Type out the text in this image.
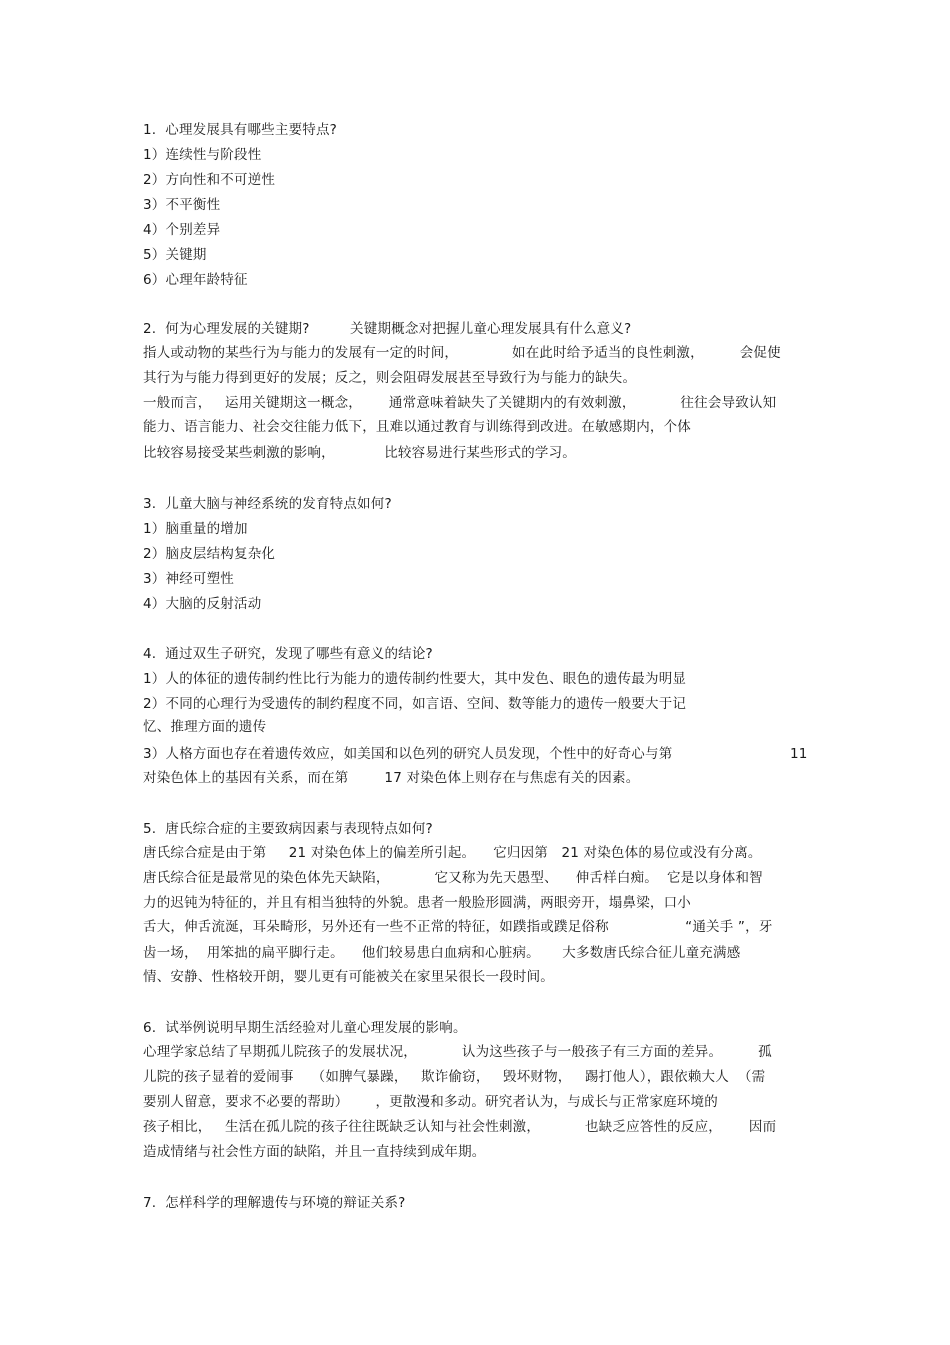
1.  心理发展具有哪些主要特点?
1）连续性与阶段性
2）方向性和不可逆性
3）不平衡性
4）个别差异
5）关键期
6）心理年龄特征
2.  何为心理发展的关键期?         关键期概念对把握儿童心理发展具有什么意义?
指人或动物的某些行为与能力的发展有一定的时间，            如在此时给予适当的良性刺激，        会促使
其行为与能力得到更好的发展；反之，则会阻碍发展甚至导致行为与能力的缺失。
一般而言，   运用关键期这一概念，      通常意味着缺失了关键期内的有效刺激，          往往会导致认知
能力、语言能力、社会交往能力低下，且难以通过教育与训练得到改进。在敏感期内，个体
比较容易接受某些刺激的影响，           比较容易进行某些形式的学习。
3.  儿童大脑与神经系统的发育特点如何?
1）脑重量的增加
2）脑皮层结构复杂化
3）神经可塑性
4）大脑的反射活动
4.  通过双生子研究，发现了哪些有意义的结论?
1）人的体征的遗传制约性比行为能力的遗传制约性要大，其中发色、眼色的遗传最为明显
2）不同的心理行为受遗传的制约程度不同，如言语、空间、数等能力的遗传一般要大于记
忆、推理方面的遗传
3）人格方面也存在着遗传效应，如美国和以色列的研究人员发现，个性中的好奇心与第	11
对染色体上的基因有关系，而在第        17 对染色体上则存在与焦虑有关的因素。
5.  唐氏综合症的主要致病因素与表现特点如何?
唐氏综合症是由于第     21 对染色体上的偏差所引起。    它归因第   21 对染色体的易位或没有分离。
唐氏综合征是最常见的染色体先天缺陷，          它又称为先天愚型、    伸舌样白痴。  它是以身体和智
力的迟钝为特征的，并且有相当独特的外貌。患者一般脸形圆满，两眼旁开，塌鼻梁，口小
舌大，伸舌流涎，耳朵畸形，另外还有一些不正常的特征，如蹼指或蹼足俗称                 “通关手 ”，牙
齿一场，  用笨拙的扁平脚行走。    他们较易患白血病和心脏病。     大多数唐氏综合征儿童充满感
情、安静、性格较开朗，婴儿更有可能被关在家里呆很长一段时间。
6.  试举例说明早期生活经验对儿童心理发展的影响。
心理学家总结了早期孤儿院孩子的发展状况，          认为这些孩子与一般孩子有三方面的差异。        孤
儿院的孩子显着的爱闹事    （如脾气暴躁，   欺诈偷窃，   毁坏财物，   踢打他人），跟依赖大人  （需
要别人留意，要求不必要的帮助）      ，更散漫和多动。研究者认为，与成长与正常家庭环境的
孩子相比，   生活在孤儿院的孩子往往既缺乏认知与社会性刺激，          也缺乏应答性的反应，      因而
造成情绪与社会性方面的缺陷，并且一直持续到成年期。
7.  怎样科学的理解遗传与环境的辩证关系?
